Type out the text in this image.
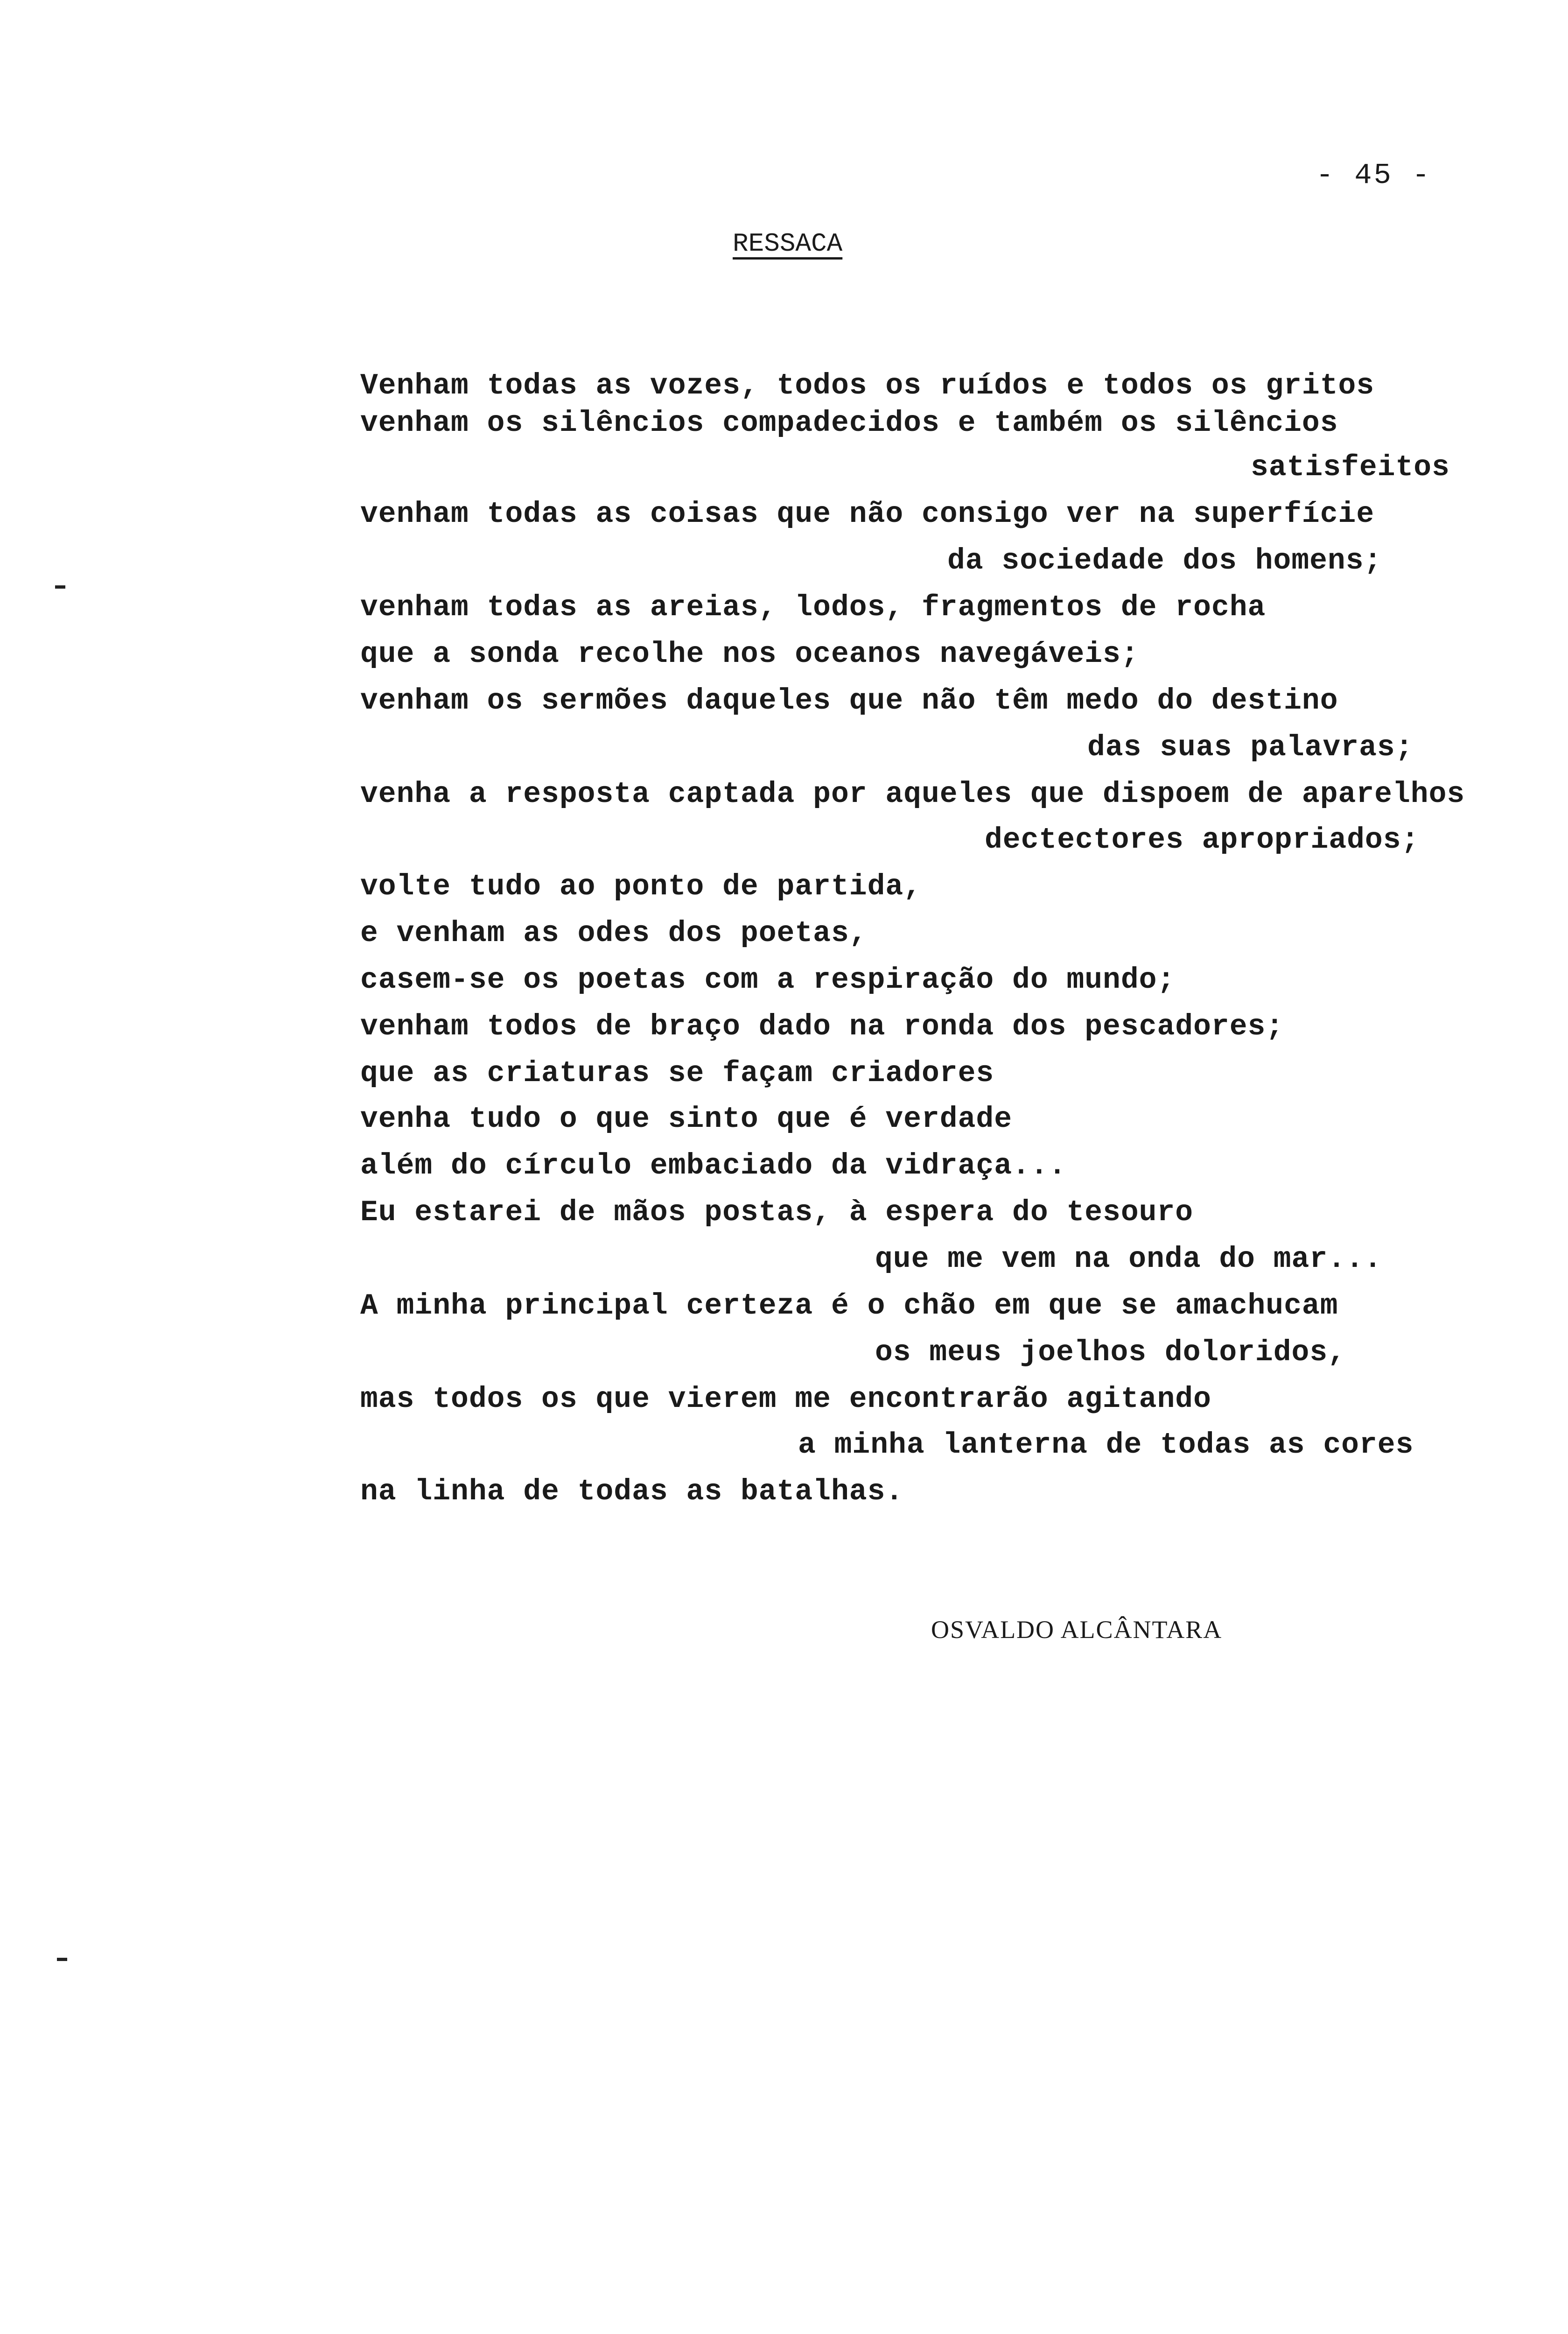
- 45 -
RESSACA
Venham todas as vozes, todos os ruídos e todos os gritos
venham os silêncios compadecidos e também os silêncios
satisfeitos
venham todas as coisas que não consigo ver na superfície
da sociedade dos homens;
venham todas as areias, lodos, fragmentos de rocha
que a sonda recolhe nos oceanos navegáveis;
venham os sermões daqueles que não têm medo do destino
das suas palavras;
venha a resposta captada por aqueles que dispoem de aparelhos
dectectores apropriados;
volte tudo ao ponto de partida,
e venham as odes dos poetas,
casem-se os poetas com a respiração do mundo;
venham todos de braço dado na ronda dos pescadores;
que as criaturas se façam criadores
venha tudo o que sinto que é verdade
além do círculo embaciado da vidraça...
Eu estarei de mãos postas, à espera do tesouro
que me vem na onda do mar...
A minha principal certeza é o chão em que se amachucam
os meus joelhos doloridos,
mas todos os que vierem me encontrarão agitando
a minha lanterna de todas as cores
na linha de todas as batalhas.
OSVALDO ALCÂNTARA
